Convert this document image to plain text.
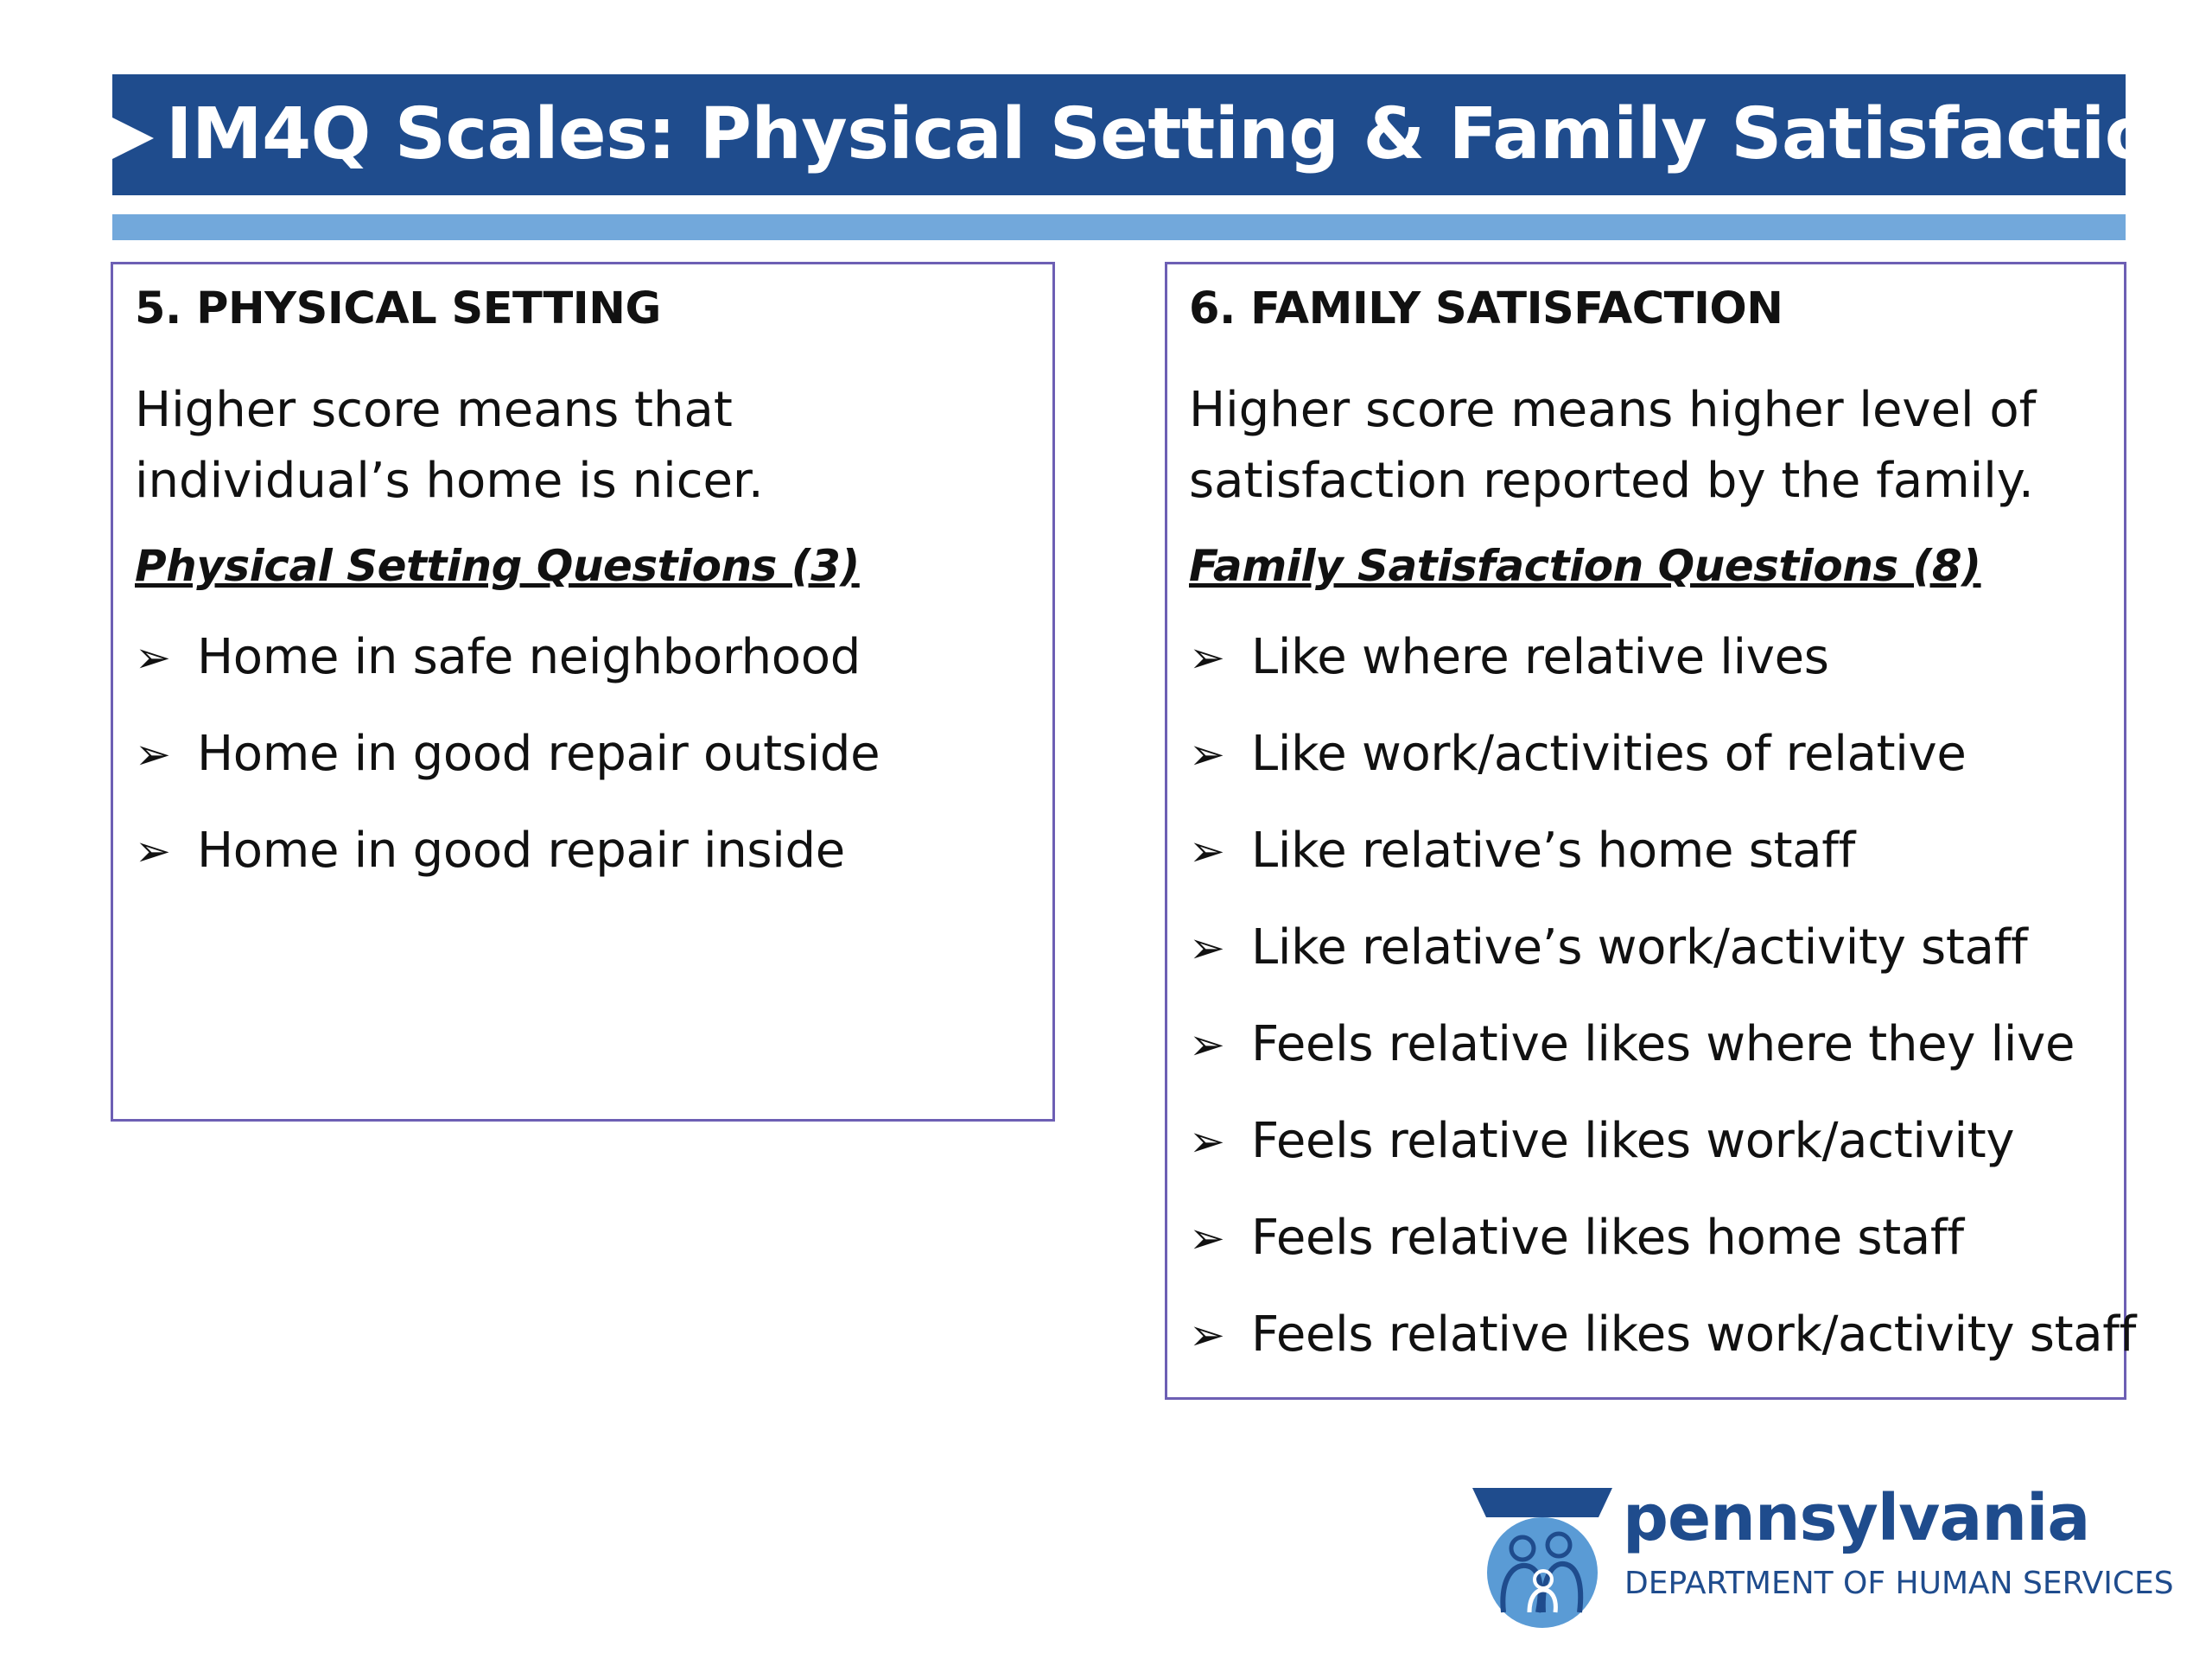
IM4Q Scales: Physical Setting & Family Satisfaction
5. PHYSICAL SETTING
Higher score means that individual’s home is nicer.
Physical Setting Questions (3)
➢ Home in safe neighborhood
➢ Home in good repair outside
➢ Home in good repair inside
6. FAMILY SATISFACTION
Higher score means higher level of satisfaction reported by the family.
Family Satisfaction Questions (8)
➢ Like where relative lives
➢ Like work/activities of relative
➢ Like relative’s home staff
➢ Like relative’s work/activity staff
➢ Feels relative likes where they live
➢ Feels relative likes work/activity
➢ Feels relative likes home staff
➢ Feels relative likes work/activity staff
pennsylvania
DEPARTMENT OF HUMAN SERVICES
